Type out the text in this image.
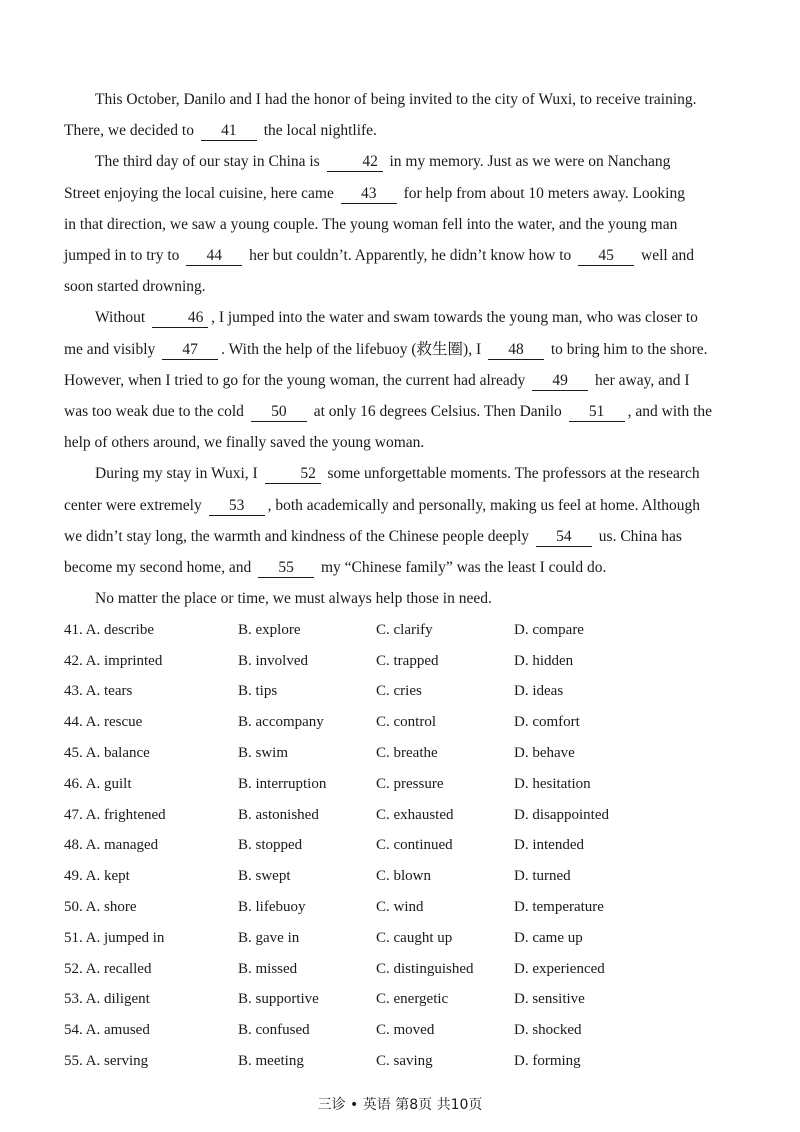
This October, Danilo and I had the honor of being invited to the city of Wuxi, to receive training.

There, we decided to 41 the local nightlife.

The third day of our stay in China is	42 in my memory. Just as we were on Nanchang

Street enjoying the local cuisine, here came 43 for help from about 10 meters away. Looking

in that direction, we saw a young couple. The young woman fell into the water, and the young man

jumped in to try to 44 her but couldn’t. Apparently, he didn’t know how to 45 well and

soon started drowning.

Without	46 , I jumped into the water and swam towards the young man, who was closer to

me and visibly 47 . With the help of the lifebuoy (救生圈), I 48 to bring him to the shore.

However, when I tried to go for the young woman, the current had already 49 her away, and I

was too weak due to the cold 50 at only 16 degrees Celsius. Then Danilo 51 , and with the

help of others around, we finally saved the young woman.

During my stay in Wuxi, I	52 some unforgettable moments. The professors at the research

center were extremely 53 , both academically and personally, making us feel at home. Although

we didn’t stay long, the warmth and kindness of the Chinese people deeply 54 us. China has

become my second home, and 55 my “Chinese family” was the least I could do.

No matter the place or time, we must always help those in need.

41. A. describe	B. explore	C. clarify	D. compare
42. A. imprinted	B. involved	C. trapped	D. hidden
43. A. tears	B. tips	C. cries	D. ideas
44. A. rescue	B. accompany	C. control	D. comfort
45. A. balance	B. swim	C. breathe	D. behave
46. A. guilt	B. interruption	C. pressure	D. hesitation
47. A. frightened	B. astonished	C. exhausted	D. disappointed
48. A. managed	B. stopped	C. continued	D. intended
49. A. kept	B. swept	C. blown	D. turned
50. A. shore	B. lifebuoy	C. wind	D. temperature
51. A. jumped in	B. gave in	C. caught up	D. came up
52. A. recalled	B. missed	C. distinguished	D. experienced
53. A. diligent	B. supportive	C. energetic	D. sensitive
54. A. amused	B. confused	C. moved	D. shocked
55. A. serving	B. meeting	C. saving	D. forming
三诊 • 英语 第8页 共10页
